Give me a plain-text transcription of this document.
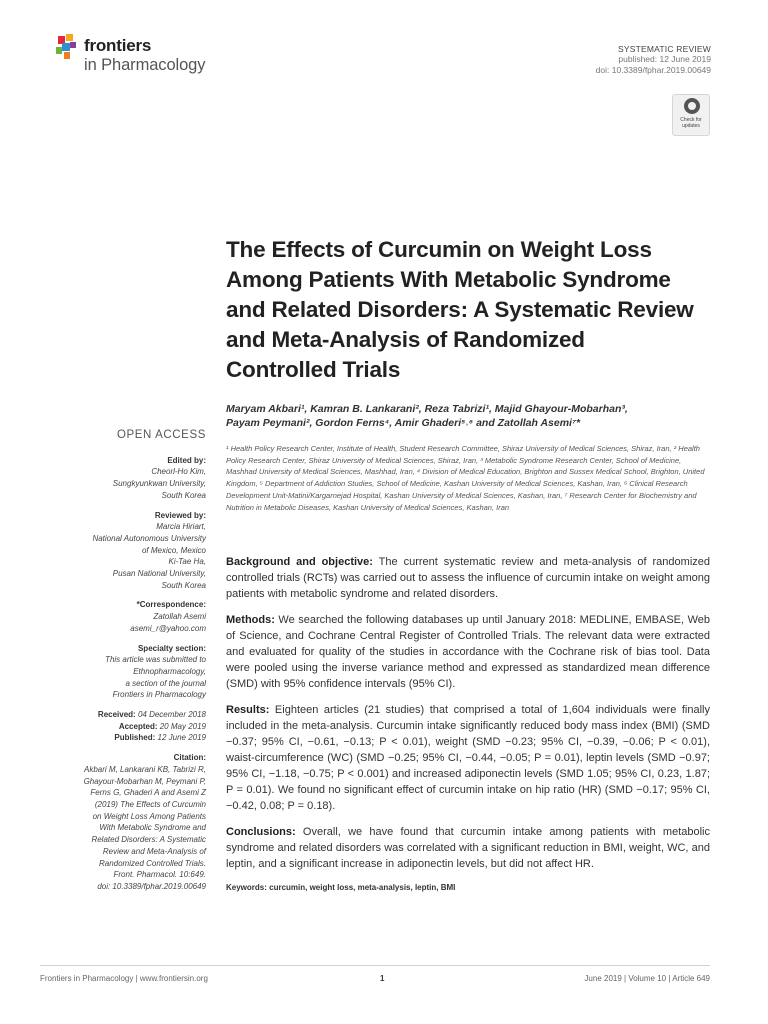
frontiers
in Pharmacology
SYSTEMATIC REVIEW
published: 12 June 2019
doi: 10.3389/fphar.2019.00649
Check for updates
The Effects of Curcumin on Weight Loss Among Patients With Metabolic Syndrome and Related Disorders: A Systematic Review and Meta-Analysis of Randomized Controlled Trials
Maryam Akbari¹, Kamran B. Lankarani², Reza Tabrizi¹, Majid Ghayour-Mobarhan³,
Payam Peymani², Gordon Ferns⁴, Amir Ghaderi⁵˒⁶ and Zatollah Asemi⁷*
¹ Health Policy Research Center, Institute of Health, Student Research Committee, Shiraz University of Medical Sciences, Shiraz, Iran, ² Health Policy Research Center, Shiraz University of Medical Sciences, Shiraz, Iran, ³ Metabolic Syndrome Research Center, School of Medicine, Mashhad University of Medical Sciences, Mashhad, Iran, ⁴ Division of Medical Education, Brighton and Sussex Medical School, Brighton, United Kingdom, ⁵ Department of Addiction Studies, School of Medicine, Kashan University of Medical Sciences, Kashan, Iran, ⁶ Clinical Research Development Unit-Matini/Kargarnejad Hospital, Kashan University of Medical Sciences, Kashan, Iran, ⁷ Research Center for Biochemistry and Nutrition in Metabolic Diseases, Kashan University of Medical Sciences, Kashan, Iran
OPEN ACCESS
Edited by:
Cheorl-Ho Kim,
Sungkyunkwan University,
South Korea
Reviewed by:
Marcia Hiriart,
National Autonomous University
of Mexico, Mexico
Ki-Tae Ha,
Pusan National University,
South Korea
*Correspondence:
Zatollah Asemi
asemi_r@yahoo.com
Specialty section:
This article was submitted to
Ethnopharmacology,
a section of the journal
Frontiers in Pharmacology
Received: 04 December 2018
Accepted: 20 May 2019
Published: 12 June 2019
Citation:
Akbari M, Lankarani KB, Tabrizi R,
Ghayour-Mobarhan M, Peymani P,
Ferns G, Ghaderi A and Asemi Z
(2019) The Effects of Curcumin
on Weight Loss Among Patients
With Metabolic Syndrome and
Related Disorders: A Systematic
Review and Meta-Analysis of
Randomized Controlled Trials.
Front. Pharmacol. 10:649.
doi: 10.3389/fphar.2019.00649

Background and objective: The current systematic review and meta-analysis of randomized controlled trials (RCTs) was carried out to assess the influence of curcumin intake on weight among patients with metabolic syndrome and related disorders.

Methods: We searched the following databases up until January 2018: MEDLINE, EMBASE, Web of Science, and Cochrane Central Register of Controlled Trials. The relevant data were extracted and evaluated for quality of the studies in accordance with the Cochrane risk of bias tool. Data were pooled using the inverse variance method and expressed as standardized mean difference (SMD) with 95% confidence intervals (95% CI).

Results: Eighteen articles (21 studies) that comprised a total of 1,604 individuals were finally included in the meta-analysis. Curcumin intake significantly reduced body mass index (BMI) (SMD −0.37; 95% CI, −0.61, −0.13; P < 0.01), weight (SMD −0.23; 95% CI, −0.39, −0.06; P < 0.01), waist-circumference (WC) (SMD −0.25; 95% CI, −0.44, −0.05; P = 0.01), leptin levels (SMD −0.97; 95% CI, −1.18, −0.75; P < 0.001) and increased adiponectin levels (SMD 1.05; 95% CI, 0.23, 1.87; P = 0.01). We found no significant effect of curcumin intake on hip ratio (HR) (SMD −0.17; 95% CI, −0.42, 0.08; P = 0.18).

Conclusions: Overall, we have found that curcumin intake among patients with metabolic syndrome and related disorders was correlated with a significant reduction in BMI, weight, WC, and leptin, and a significant increase in adiponectin levels, but did not affect HR.

Keywords: curcumin, weight loss, meta-analysis, leptin, BMI
Frontiers in Pharmacology | www.frontiersin.org	1	June 2019 | Volume 10 | Article 649
